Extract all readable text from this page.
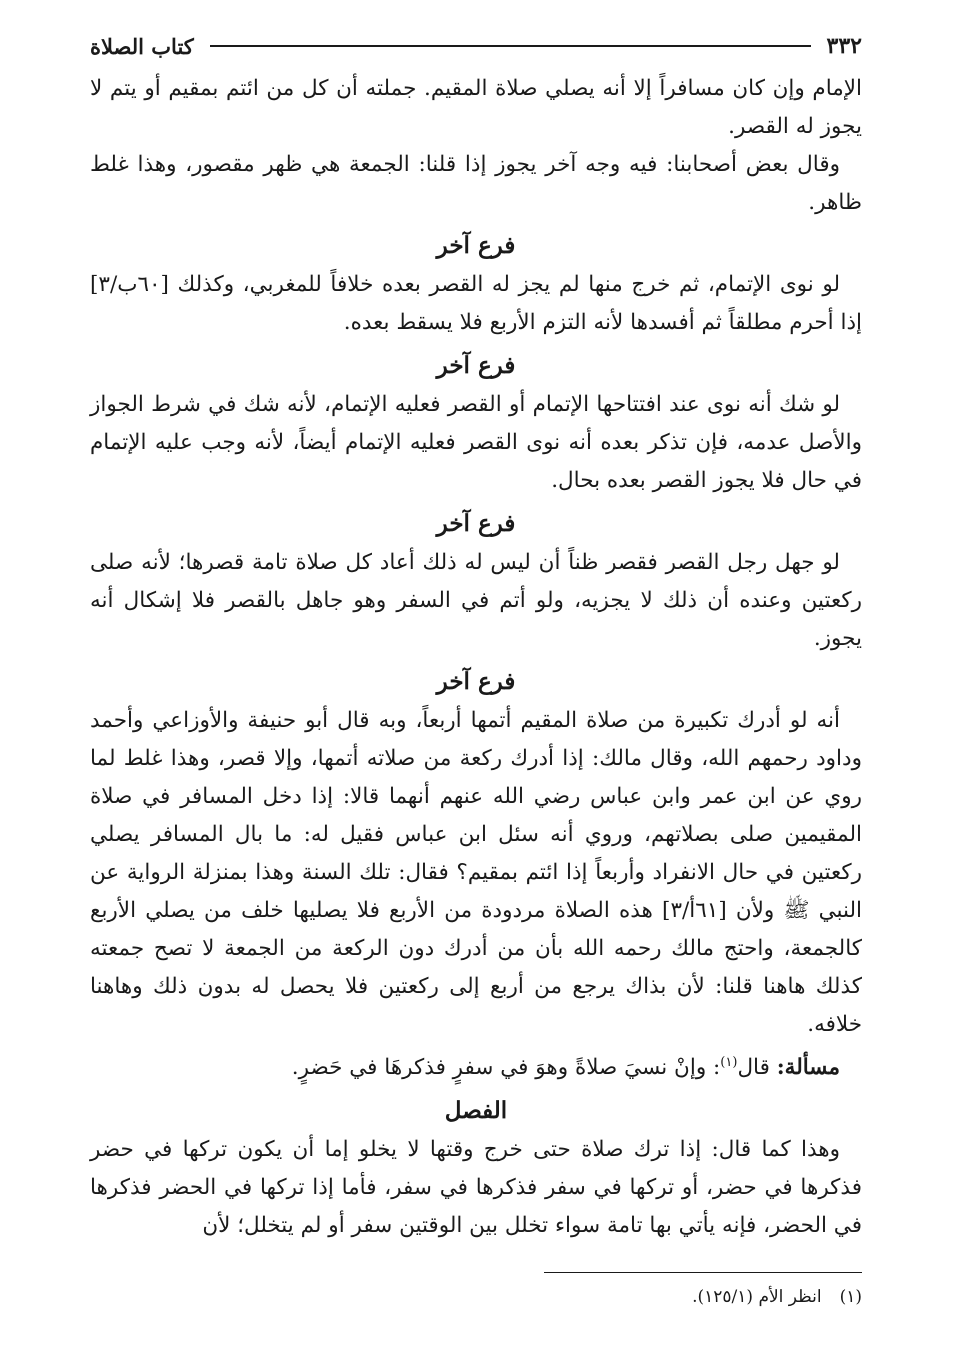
٣٣٢
كتاب الصلاة

الإمام وإن كان مسافراً إلا أنه يصلي صلاة المقيم. جملته أن كل من ائتم بمقيم أو يتم لا يجوز له القصر.

وقال بعض أصحابنا: فيه وجه آخر يجوز إذا قلنا: الجمعة هي ظهر مقصور، وهذا غلط ظاهر.

فرع آخر

لو نوى الإتمام، ثم خرج منها لم يجز له القصر بعده خلافاً للمغربي، وكذلك [٦٠ب/٣] إذا أحرم مطلقاً ثم أفسدها لأنه التزم الأربع فلا يسقط بعده.

فرع آخر

لو شك أنه نوى عند افتتاحها الإتمام أو القصر فعليه الإتمام، لأنه شك في شرط الجواز والأصل عدمه، فإن تذكر بعده أنه نوى القصر فعليه الإتمام أيضاً، لأنه وجب عليه الإتمام في حال فلا يجوز القصر بعده بحال.

فرع آخر

لو جهل رجل القصر فقصر ظناً أن ليس له ذلك أعاد كل صلاة تامة قصرها؛ لأنه صلى ركعتين وعنده أن ذلك لا يجزيه، ولو أتم في السفر وهو جاهل بالقصر فلا إشكال أنه يجوز.

فرع آخر

أنه لو أدرك تكبيرة من صلاة المقيم أتمها أربعاً، وبه قال أبو حنيفة والأوزاعي وأحمد وداود رحمهم الله، وقال مالك: إذا أدرك ركعة من صلاته أتمها، وإلا قصر، وهذا غلط لما روي عن ابن عمر وابن عباس رضي الله عنهم أنهما قالا: إذا دخل المسافر في صلاة المقيمين صلى بصلاتهم، وروي أنه سئل ابن عباس فقيل له: ما بال المسافر يصلي ركعتين في حال الانفراد وأربعاً إذا ائتم بمقيم؟ فقال: تلك السنة وهذا بمنزلة الرواية عن النبي ﷺ ولأن [٦١أ/٣] هذه الصلاة مردودة من الأربع فلا يصليها خلف من يصلي الأربع كالجمعة، واحتج مالك رحمه الله بأن من أدرك دون الركعة من الجمعة لا تصح جمعته كذلك هاهنا قلنا: لأن بذاك يرجع من أربع إلى ركعتين فلا يحصل له بدون ذلك وهاهنا خلافه.

مسألة: قال$^{(١)}$: وإنْ نسيَ صلاةً وهوَ في سفرٍ فذكرهَا في حَضرٍ.

الفصل

وهذا كما قال: إذا ترك صلاة حتى خرج وقتها لا يخلو إما أن يكون تركها في حضر فذكرها في حضر، أو تركها في سفر فذكرها في سفر، فأما إذا تركها في الحضر فذكرها في الحضر، فإنه يأتي بها تامة سواء تخلل بين الوقتين سفر أو لم يتخلل؛ لأن

(١)انظر الأم (١٢٥/١).
